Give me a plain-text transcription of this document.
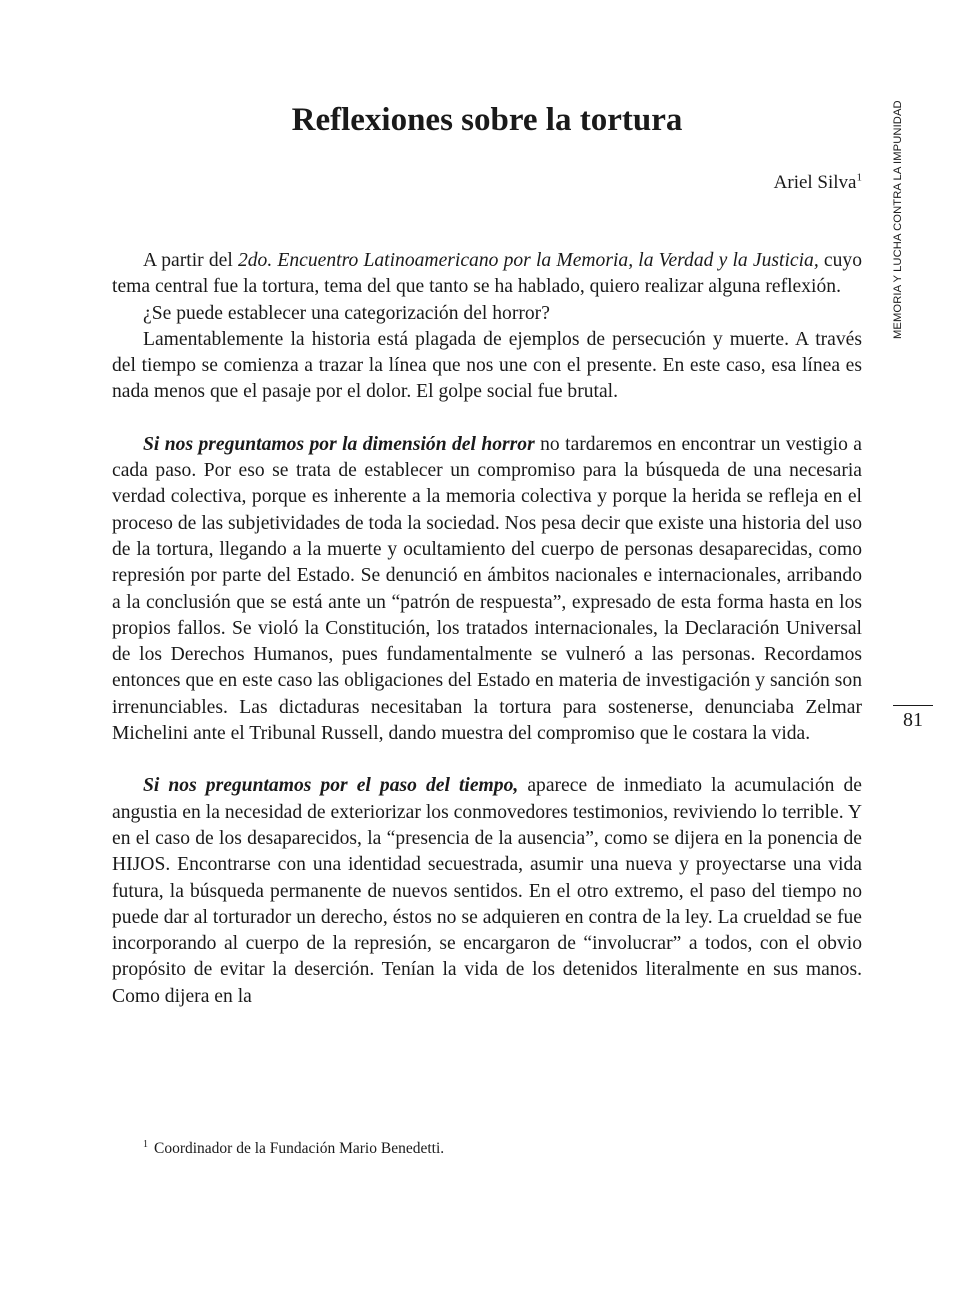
MEMORIA Y LUCHA CONTRA LA IMPUNIDAD
Reflexiones sobre la tortura
Ariel Silva$^1$

A partir del 2do. Encuentro Latinoamericano por la Memoria, la Verdad y la Justicia, cuyo tema central fue la tortura, tema del que tanto se ha hablado, quiero realizar alguna reflexión.

¿Se puede establecer una categorización del horror?

Lamentablemente la historia está plagada de ejemplos de persecución y muerte. A través del tiempo se comienza a trazar la línea que nos une con el presente. En este caso, esa línea es nada menos que el pasaje por el dolor. El golpe social fue brutal.

Si nos preguntamos por la dimensión del horror no tardaremos en encontrar un vestigio a cada paso. Por eso se trata de establecer un compromiso para la búsqueda de una necesaria verdad colectiva, porque es inherente a la memoria colectiva y porque la herida se refleja en el proceso de las subjetividades de toda la sociedad. Nos pesa decir que existe una historia del uso de la tortura, llegando a la muerte y ocultamiento del cuerpo de personas desaparecidas, como represión por parte del Estado. Se denunció en ámbitos nacionales e internacionales, arribando a la conclusión que se está ante un “patrón de respuesta”, expresado de esta forma hasta en los propios fallos. Se violó la Constitución, los tratados internacionales, la Declaración Universal de los Derechos Humanos, pues fundamentalmente se vulneró a las personas. Recordamos entonces que en este caso las obligaciones del Estado en materia de investigación y sanción son irrenunciables. Las dictaduras necesitaban la tortura para sostenerse, denunciaba Zelmar Michelini ante el Tribunal Russell, dando muestra del compromiso que le costara la vida.

Si nos preguntamos por el paso del tiempo, aparece de inmediato la acumulación de angustia en la necesidad de exteriorizar los conmovedores testimonios, reviviendo lo terrible. Y en el caso de los desaparecidos, la “presencia de la ausencia”, como se dijera en la ponencia de HIJOS. Encontrarse con una identidad secuestrada, asumir una nueva y proyectarse una vida futura, la búsqueda permanente de nuevos sentidos. En el otro extremo, el paso del tiempo no puede dar al torturador un derecho, éstos no se adquieren en contra de la ley. La crueldad se fue incorporando al cuerpo de la represión, se encargaron de “involucrar” a todos, con el obvio propósito de evitar la deserción. Tenían la vida de los detenidos literalmente en sus manos. Como dijera en la

81
$^1$ Coordinador de la Fundación Mario Benedetti.
